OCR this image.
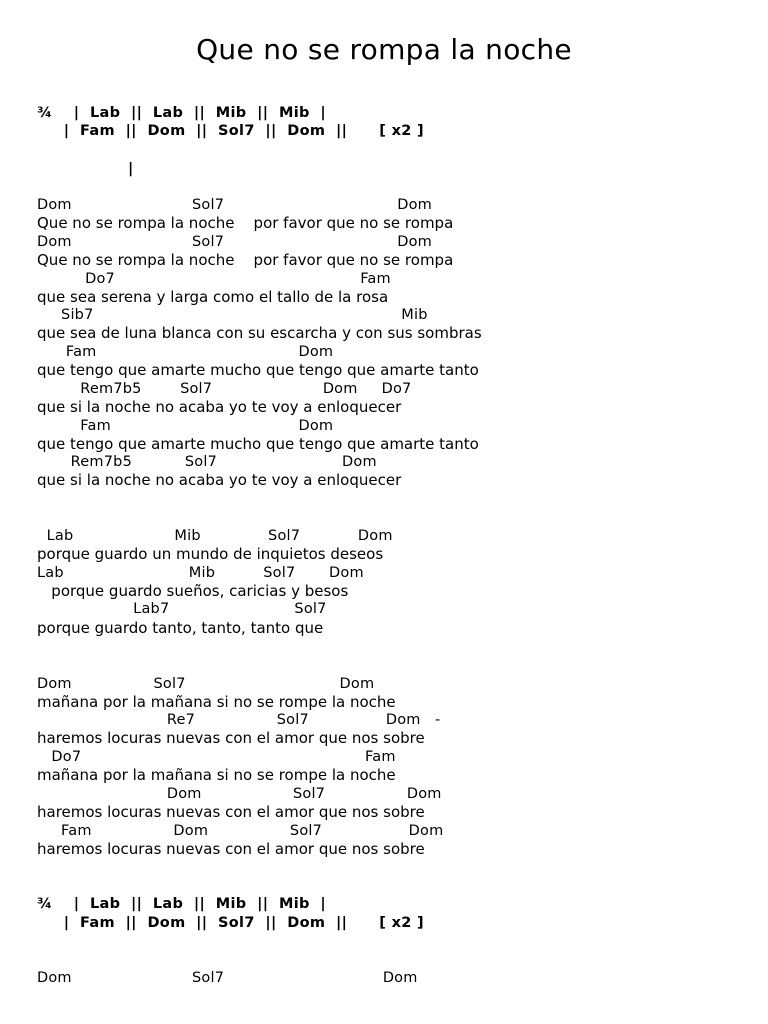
Que no se rompa la noche
¾    |  Lab  ||  Lab  ||  Mib  ||  Mib  |
|  Fam  ||  Dom  ||  Sol7  ||  Dom  ||      [ x2 ]
|
Dom                         Sol7                                    Dom
Que no se rompa la noche    por favor que no se rompa
Dom                         Sol7                                    Dom
Que no se rompa la noche    por favor que no se rompa
Do7                                                   Fam
que sea serena y larga como el tallo de la rosa
Sib7                                                                Mib
que sea de luna blanca con su escarcha y con sus sombras
Fam                                          Dom
que tengo que amarte mucho que tengo que amarte tanto
Rem7b5        Sol7                       Dom     Do7
que si la noche no acaba yo te voy a enloquecer
Fam                                       Dom
que tengo que amarte mucho que tengo que amarte tanto
Rem7b5           Sol7                          Dom
que si la noche no acaba yo te voy a enloquecer
Lab                     Mib              Sol7            Dom
porque guardo un mundo de inquietos deseos
Lab                          Mib          Sol7       Dom
porque guardo sueños, caricias y besos
Lab7                          Sol7
porque guardo tanto, tanto, tanto que
Dom                 Sol7                                Dom
mañana por la mañana si no se rompe la noche
Re7                 Sol7                Dom   -
haremos locuras nuevas con el amor que nos sobre
Do7                                                           Fam
mañana por la mañana si no se rompe la noche
Dom                   Sol7                 Dom
haremos locuras nuevas con el amor que nos sobre
Fam                 Dom                 Sol7                  Dom
haremos locuras nuevas con el amor que nos sobre
¾    |  Lab  ||  Lab  ||  Mib  ||  Mib  |
|  Fam  ||  Dom  ||  Sol7  ||  Dom  ||      [ x2 ]
Dom                         Sol7                                 Dom
